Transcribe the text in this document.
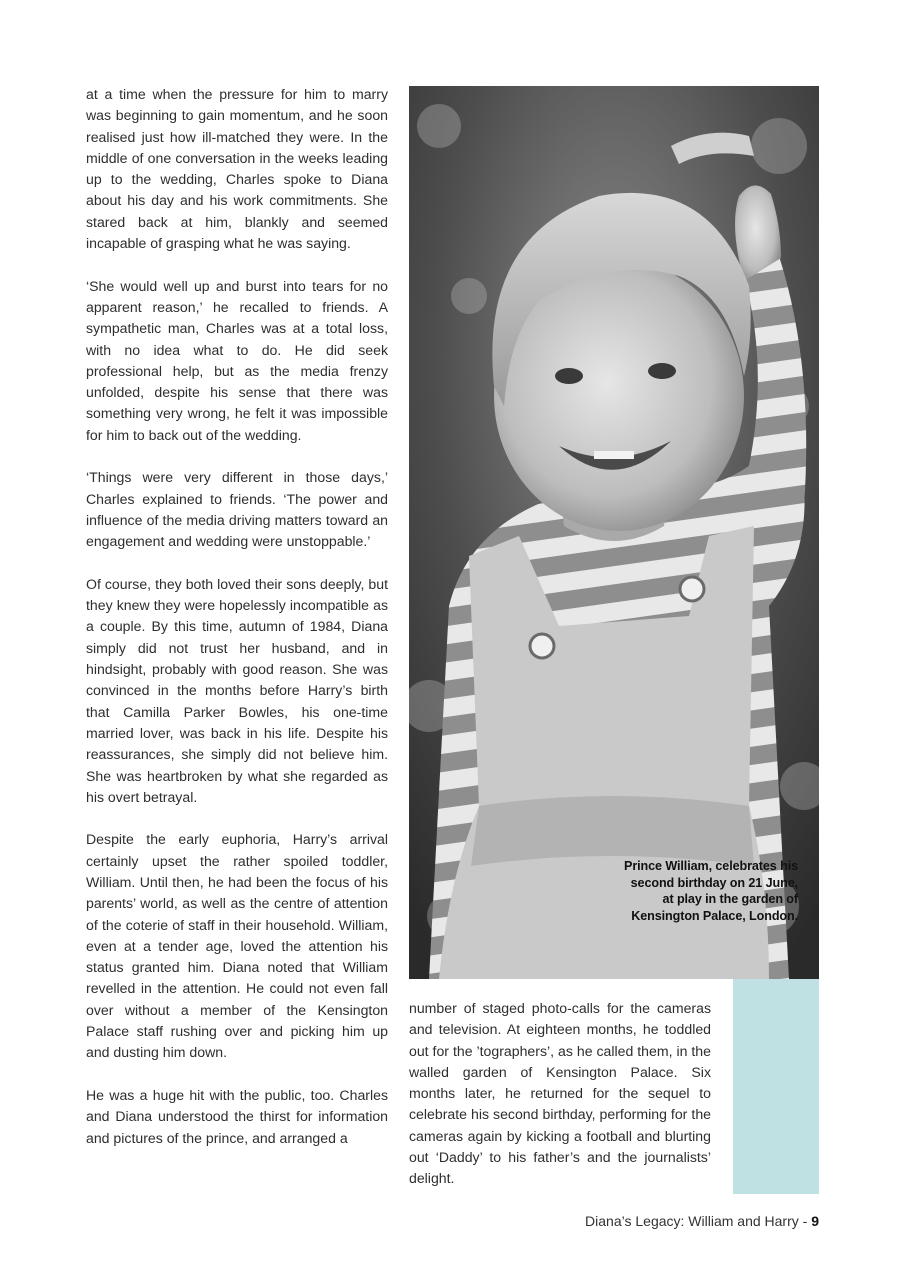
at a time when the pressure for him to marry was beginning to gain momentum, and he soon realised just how ill-matched they were. In the middle of one conversation in the weeks leading up to the wedding, Charles spoke to Diana about his day and his work commitments. She stared back at him, blankly and seemed incapable of grasping what he was saying.

‘She would well up and burst into tears for no apparent reason,’ he recalled to friends. A sympathetic man, Charles was at a total loss, with no idea what to do. He did seek professional help, but as the media frenzy unfolded, despite his sense that there was something very wrong, he felt it was impossible for him to back out of the wedding.

‘Things were very different in those days,’ Charles explained to friends. ‘The power and influence of the media driving matters toward an engagement and wedding were unstoppable.’

Of course, they both loved their sons deeply, but they knew they were hopelessly incompatible as a couple. By this time, autumn of 1984, Diana simply did not trust her husband, and in hindsight, probably with good reason. She was convinced in the months before Harry’s birth that Camilla Parker Bowles, his one-time married lover, was back in his life. Despite his reassurances, she simply did not believe him. She was heartbroken by what she regarded as his overt betrayal.

Despite the early euphoria, Harry’s arrival certainly upset the rather spoiled toddler, William. Until then, he had been the focus of his parents’ world, as well as the centre of attention of the coterie of staff in their household. William, even at a tender age, loved the attention his status granted him. Diana noted that William revelled in the attention. He could not even fall over without a member of the Kensington Palace staff rushing over and picking him up and dusting him down.

He was a huge hit with the public, too. Charles and Diana understood the thirst for information and pictures of the prince, and arranged a

Prince William, celebrates his second birthday on 21 June, at play in the garden of Kensington Palace, London.

number of staged photo-calls for the cameras and television. At eighteen months, he toddled out for the ’tographers’, as he called them, in the walled garden of Kensington Palace. Six months later, he returned for the sequel to celebrate his second birthday, performing for the cameras again by kicking a football and blurting out ‘Daddy’ to his father’s and the journalists’ delight.

Diana’s Legacy: William and Harry - 9
